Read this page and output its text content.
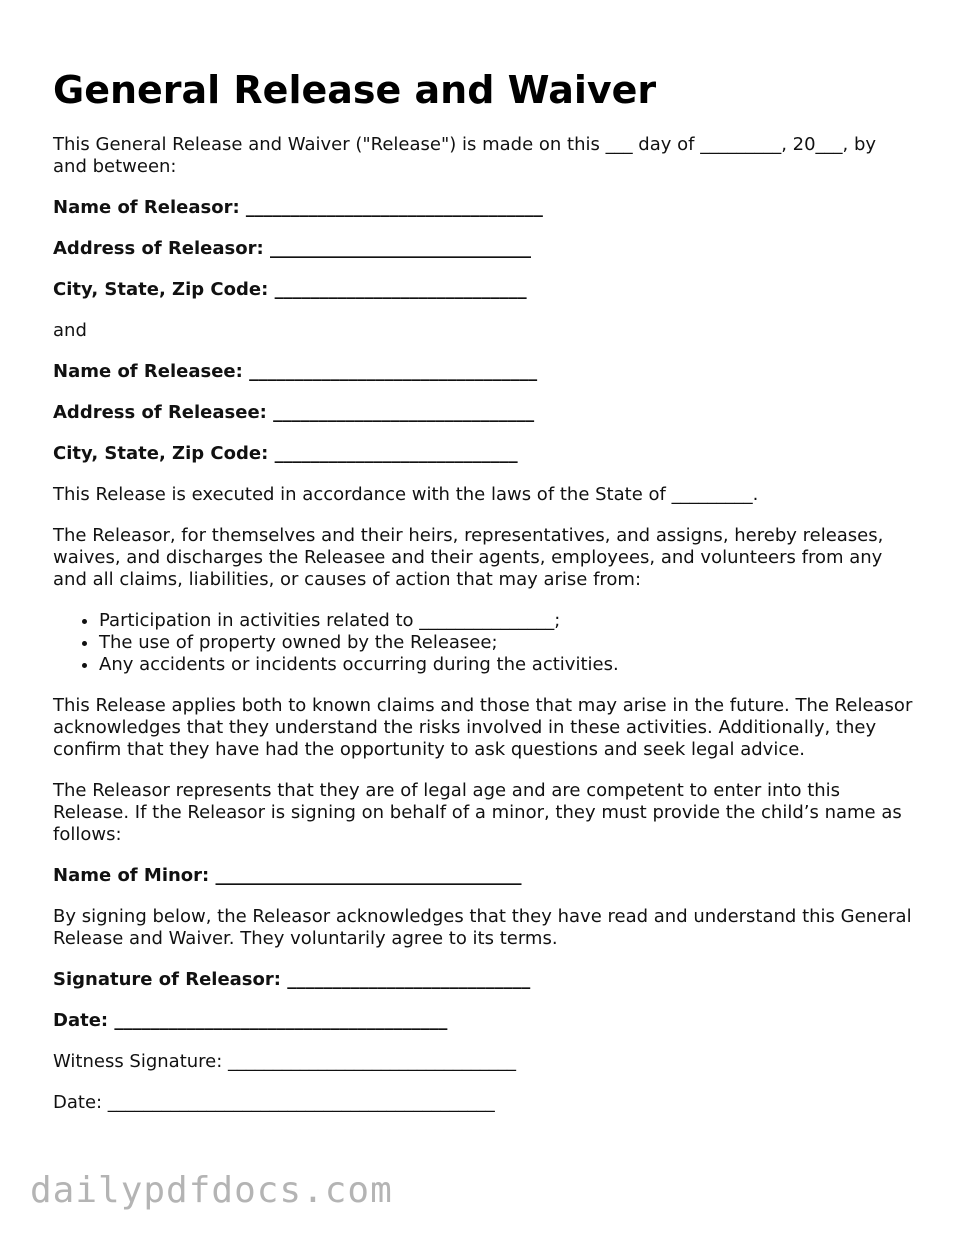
General Release and Waiver

This General Release and Waiver ("Release") is made on this ___ day of _________, 20___, by and between:

Name of Releasor: _________________________________

Address of Releasor: _____________________________

City, State, Zip Code: ____________________________

and

Name of Releasee: ________________________________

Address of Releasee: _____________________________

City, State, Zip Code: ___________________________

This Release is executed in accordance with the laws of the State of _________.

The Releasor, for themselves and their heirs, representatives, and assigns, hereby releases, waives, and discharges the Releasee and their agents, employees, and volunteers from any and all claims, liabilities, or causes of action that may arise from:

• Participation in activities related to _______________;
• The use of property owned by the Releasee;
• Any accidents or incidents occurring during the activities.

This Release applies both to known claims and those that may arise in the future. The Releasor acknowledges that they understand the risks involved in these activities. Additionally, they confirm that they have had the opportunity to ask questions and seek legal advice.

The Releasor represents that they are of legal age and are competent to enter into this Release. If the Releasor is signing on behalf of a minor, they must provide the child’s name as follows:

Name of Minor: __________________________________

By signing below, the Releasor acknowledges that they have read and understand this General Release and Waiver. They voluntarily agree to its terms.

Signature of Releasor: ___________________________

Date: _____________________________________

Witness Signature: ________________________________

Date: ___________________________________________

dailypdfdocs.com
